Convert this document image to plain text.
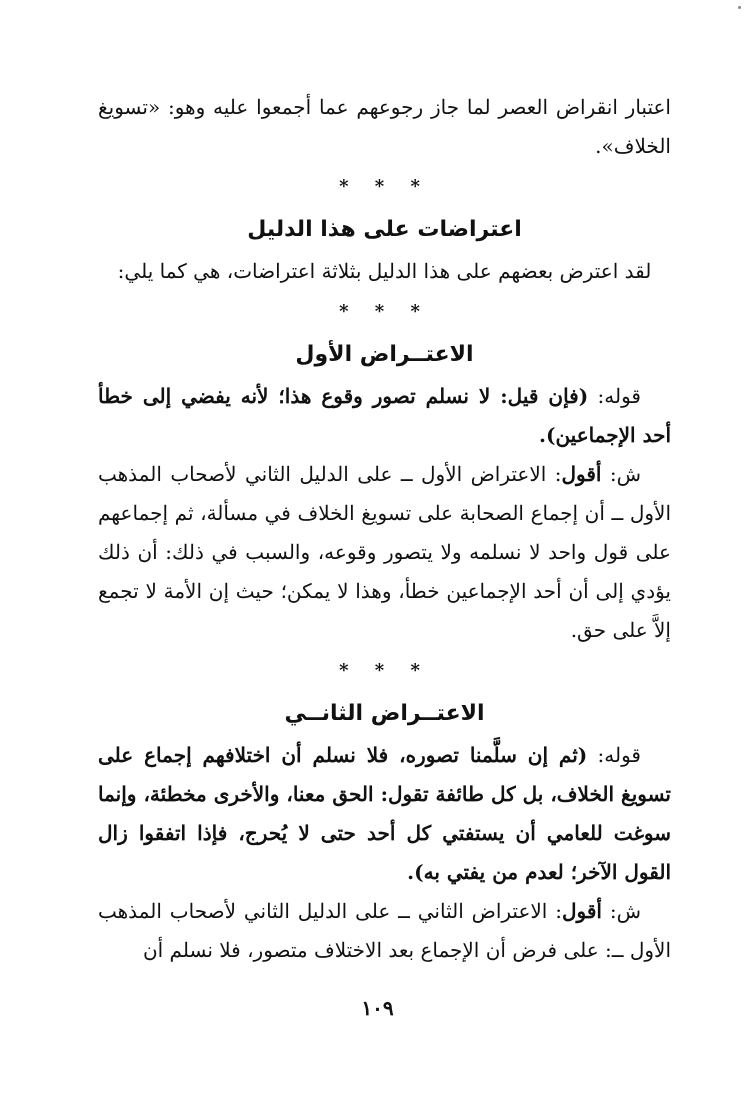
اعتبار انقراض العصر لما جاز رجوعهم عما أجمعوا عليه وهو: «تسويغ الخلاف».

* * *
اعتراضات على هذا الدليل

لقد اعترض بعضهم على هذا الدليل بثلاثة اعتراضات، هي كما يلي:

* * *
الاعتــراض الأول

قوله: (فإن قيل: لا نسلم تصور وقوع هذا؛ لأنه يفضي إلى خطأ أحد الإجماعين).

ش: أقول: الاعتراض الأول ــ على الدليل الثاني لأصحاب المذهب الأول ــ أن إجماع الصحابة على تسويغ الخلاف في مسألة، ثم إجماعهم على قول واحد لا نسلمه ولا يتصور وقوعه، والسبب في ذلك: أن ذلك يؤدي إلى أن أحد الإجماعين خطأ، وهذا لا يمكن؛ حيث إن الأمة لا تجمع إلاَّ على حق.

* * *
الاعتــراض الثانــي

قوله: (ثم إن سلَّمنا تصوره، فلا نسلم أن اختلافهم إجماع على تسويغ الخلاف، بل كل طائفة تقول: الحق معنا، والأخرى مخطئة، وإنما سوغت للعامي أن يستفتي كل أحد حتى لا يُحرج، فإذا اتفقوا زال القول الآخر؛ لعدم من يفتي به).

ش: أقول: الاعتراض الثاني ــ على الدليل الثاني لأصحاب المذهب الأول ــ: على فرض أن الإجماع بعد الاختلاف متصور، فلا نسلم أن

١٠٩
